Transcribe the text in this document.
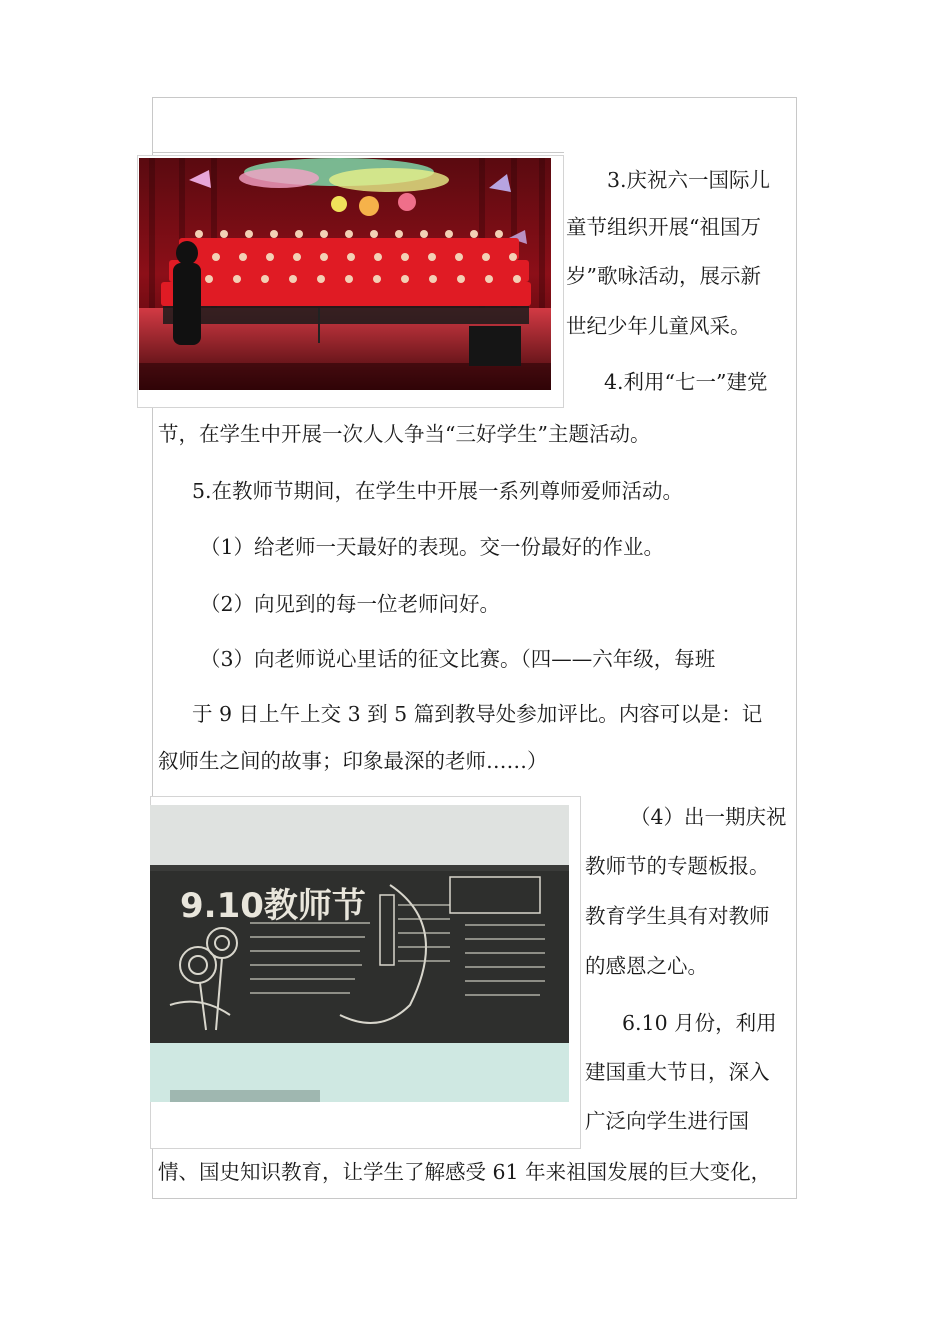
3.庆祝六一国际儿
童节组织开展“祖国万
岁”歌咏活动，展示新
世纪少年儿童风采。
4.利用“七一”建党
节，在学生中开展一次人人争当“三好学生”主题活动。
5.在教师节期间，在学生中开展一系列尊师爱师活动。
（1）给老师一天最好的表现。交一份最好的作业。
（2）向见到的每一位老师问好。
（3）向老师说心里话的征文比赛。（四——六年级，每班
于 9 日上午上交 3 到 5 篇到教导处参加评比。内容可以是：记
叙师生之间的故事；印象最深的老师……）
9.10教师节
（4）出一期庆祝
教师节的专题板报。
教育学生具有对教师
的感恩之心。
6.10 月份，利用
建国重大节日，深入
广泛向学生进行国
情、国史知识教育，让学生了解感受 61 年来祖国发展的巨大变化，
